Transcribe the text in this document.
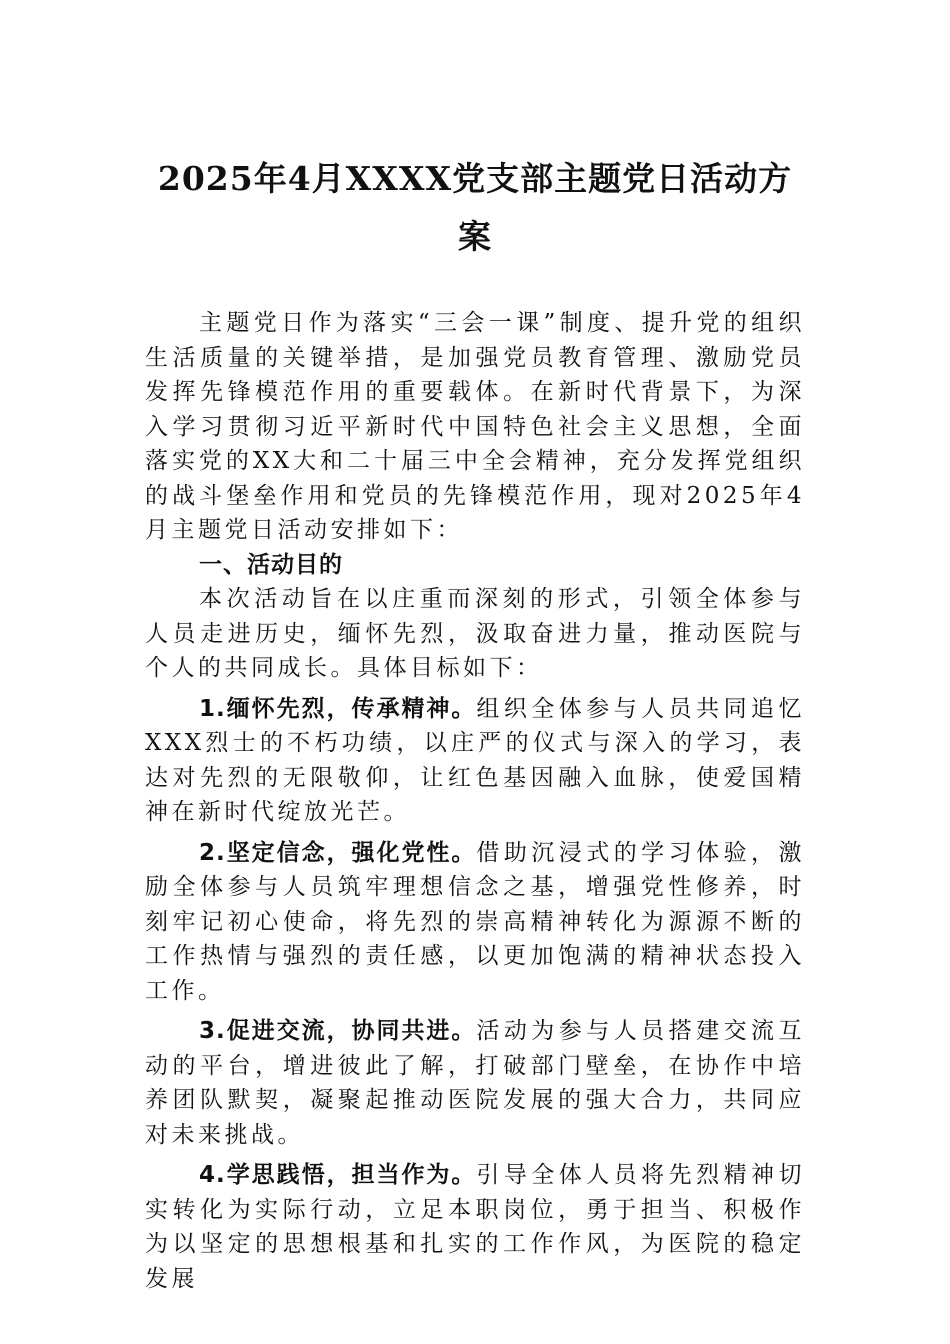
2025年4月XXXX党支部主题党日活动方案

主题党日作为落实“三会一课”制度、提升党的组织生活质量的关键举措，是加强党员教育管理、激励党员发挥先锋模范作用的重要载体。在新时代背景下，为深入学习贯彻习近平新时代中国特色社会主义思想，全面落实党的XX大和二十届三中全会精神，充分发挥党组织的战斗堡垒作用和党员的先锋模范作用，现对2025年4月主题党日活动安排如下：

一、活动目的

本次活动旨在以庄重而深刻的形式，引领全体参与人员走进历史，缅怀先烈，汲取奋进力量，推动医院与个人的共同成长。具体目标如下：

1.缅怀先烈，传承精神。组织全体参与人员共同追忆XXX烈士的不朽功绩，以庄严的仪式与深入的学习，表达对先烈的无限敬仰，让红色基因融入血脉，使爱国精神在新时代绽放光芒。

2.坚定信念，强化党性。借助沉浸式的学习体验，激励全体参与人员筑牢理想信念之基，增强党性修养，时刻牢记初心使命，将先烈的崇高精神转化为源源不断的工作热情与强烈的责任感，以更加饱满的精神状态投入工作。

3.促进交流，协同共进。活动为参与人员搭建交流互动的平台，增进彼此了解，打破部门壁垒，在协作中培养团队默契，凝聚起推动医院发展的强大合力，共同应对未来挑战。

4.学思践悟，担当作为。引导全体人员将先烈精神切实转化为实际行动，立足本职岗位，勇于担当、积极作为以坚定的思想根基和扎实的工作作风，为医院的稳定发展
